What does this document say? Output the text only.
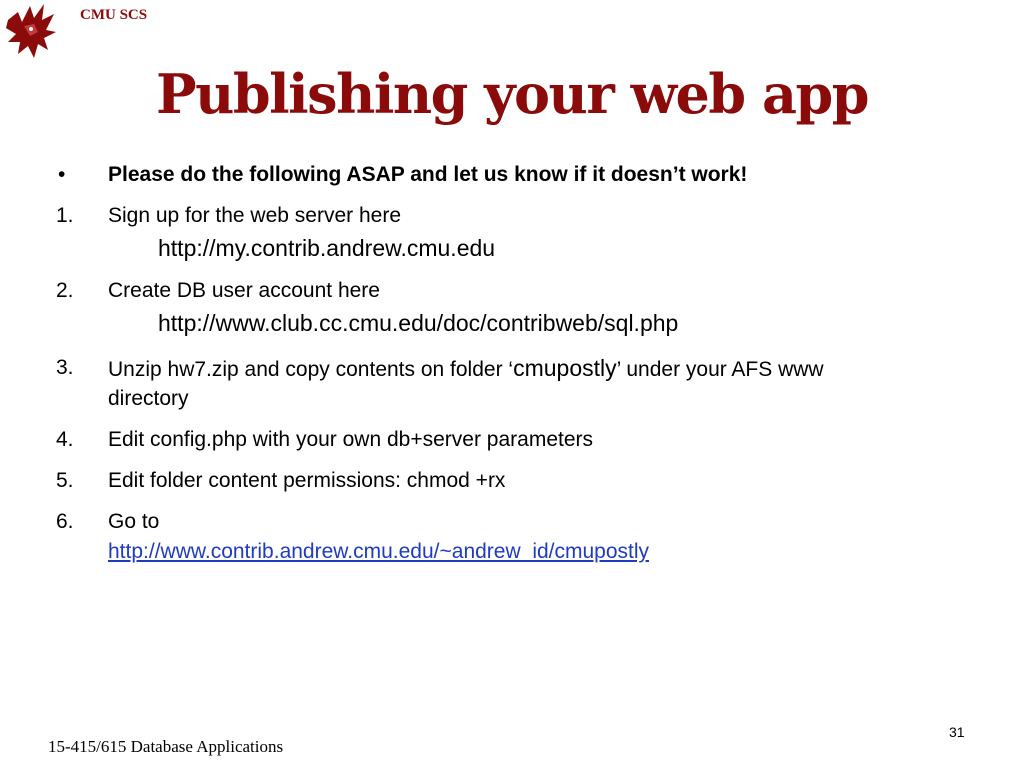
CMU SCS
Publishing your web app
• Please do the following ASAP and let us know if it doesn’t work!
1. Sign up for the web server here
http://my.contrib.andrew.cmu.edu
2. Create DB user account here
http://www.club.cc.cmu.edu/doc/contribweb/sql.php
3. Unzip hw7.zip and copy contents on folder ‘cmupostly’ under your AFS www
directory
4. Edit config.php with your own db+server parameters
5. Edit folder content permissions: chmod +rx
6. Go to
http://www.contrib.andrew.cmu.edu/~andrew_id/cmupostly
15-415/615 Database Applications
31
